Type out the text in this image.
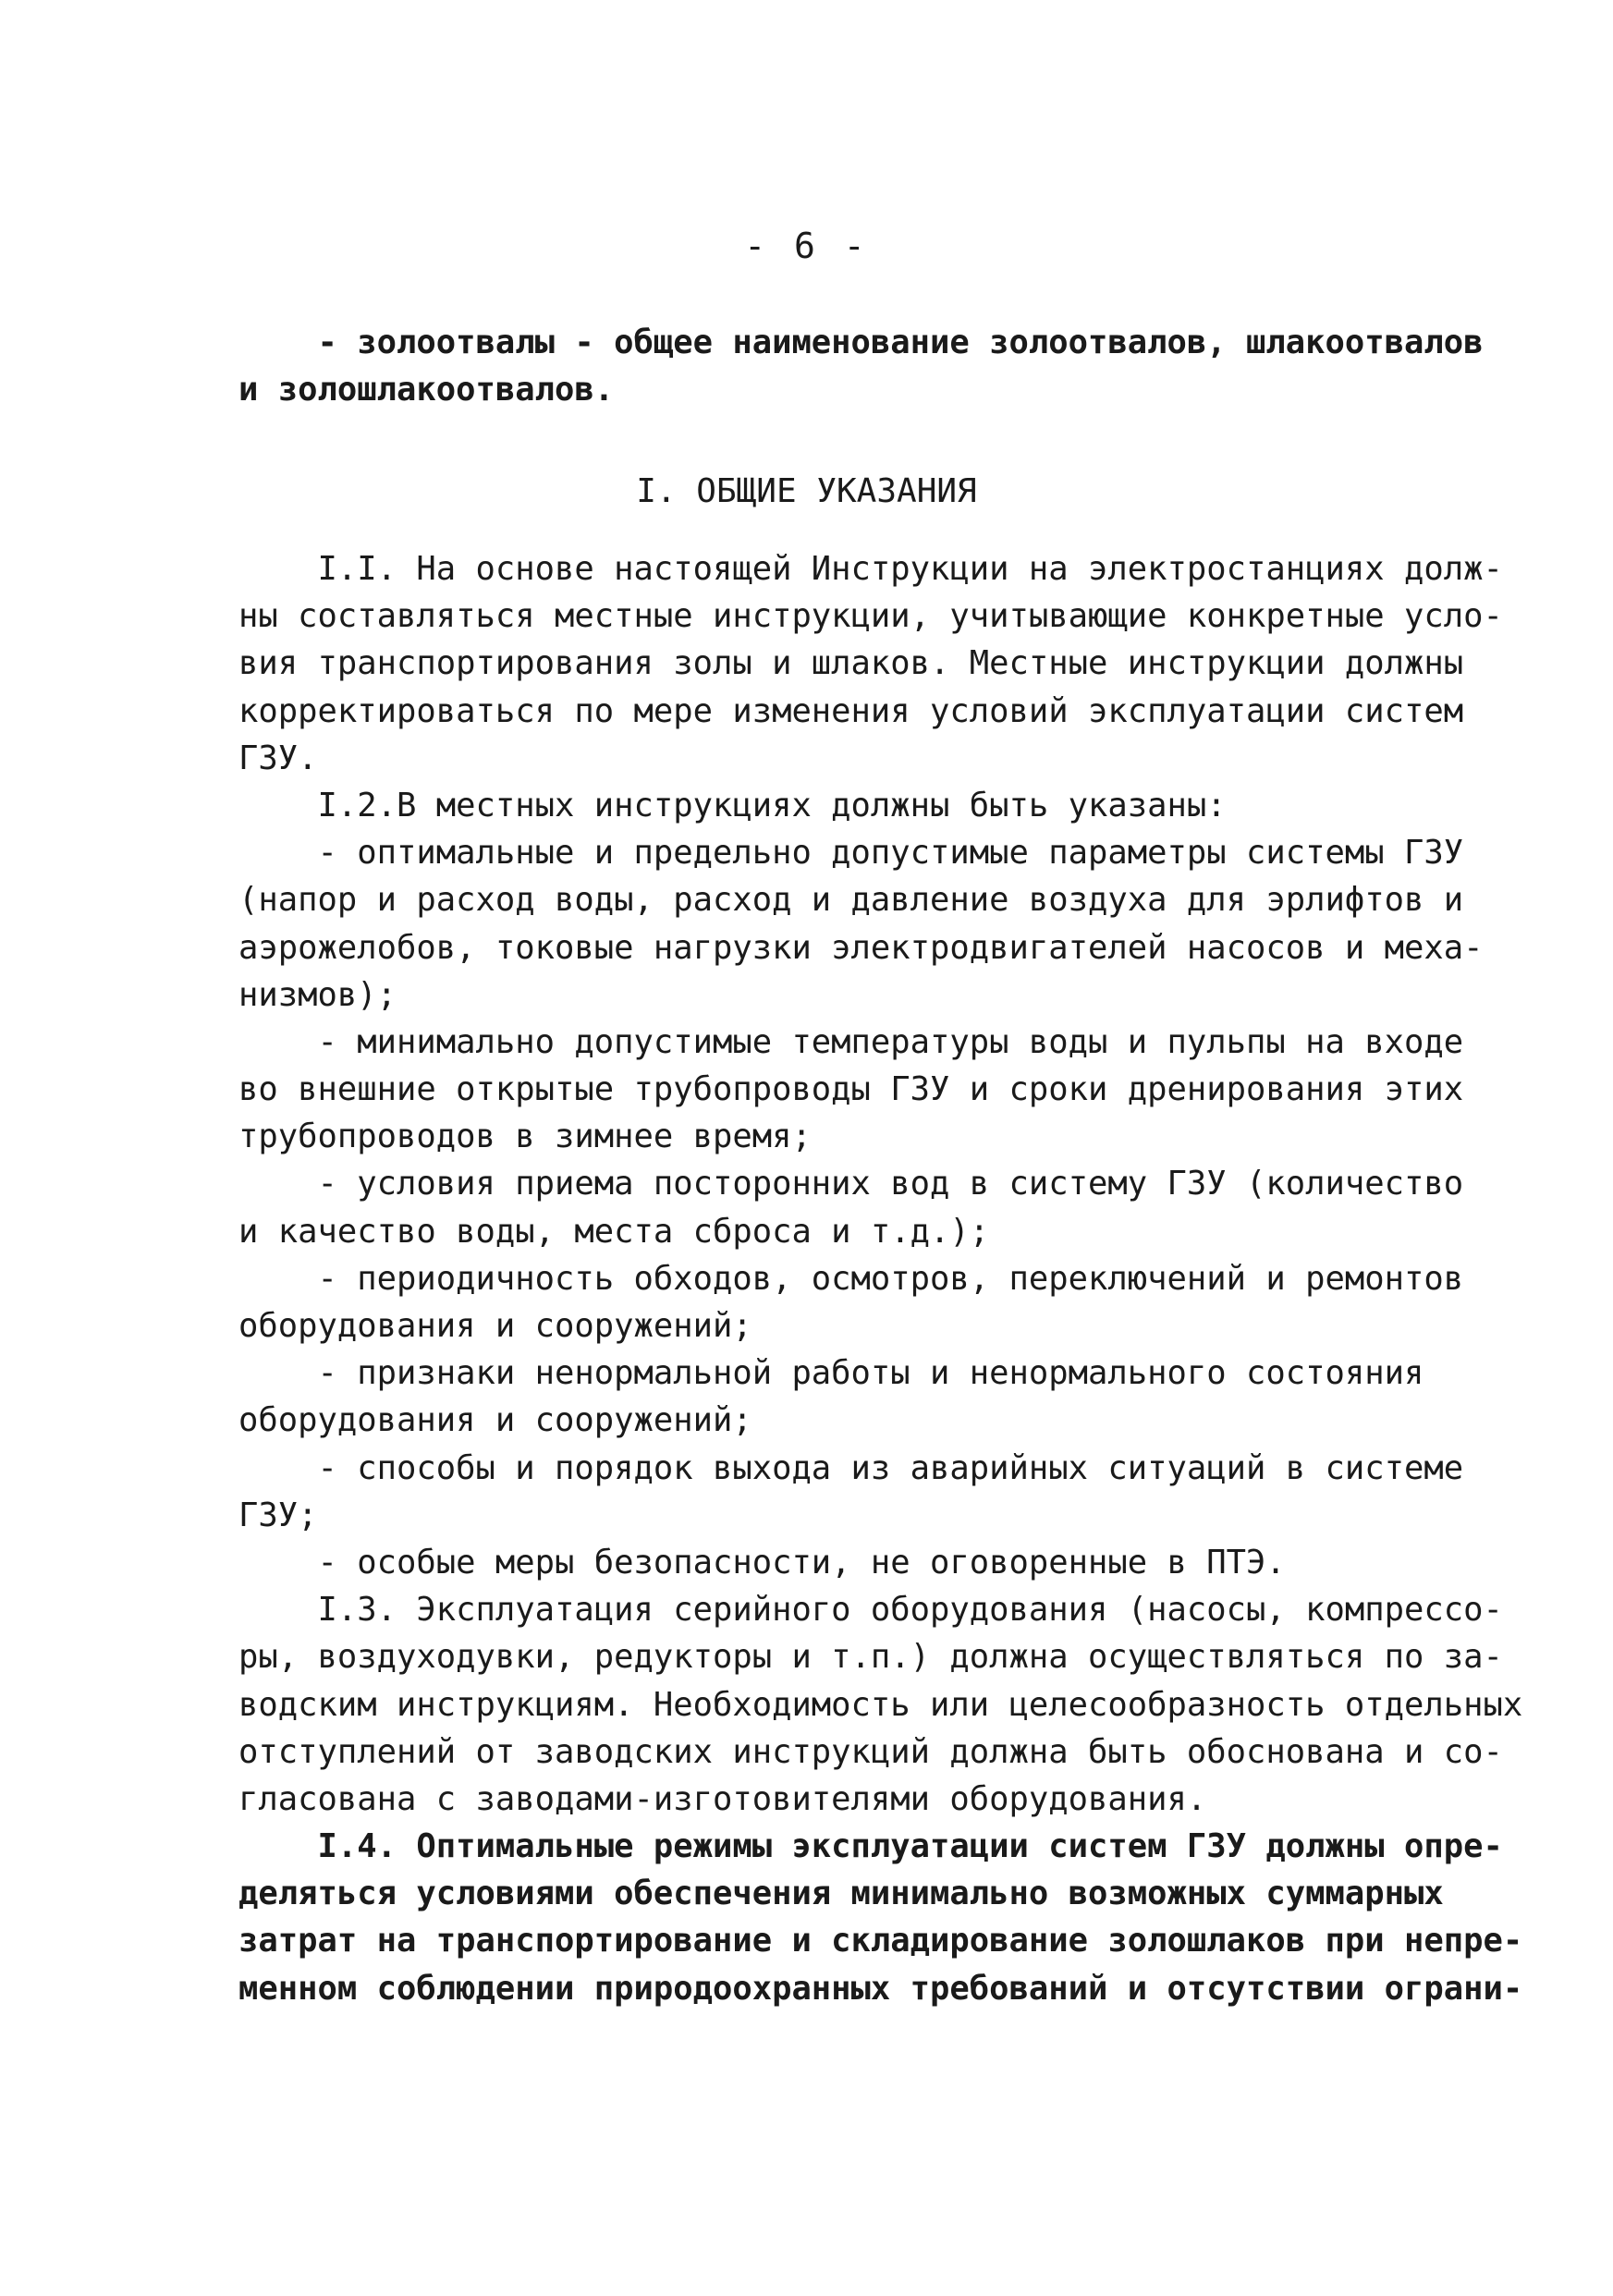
- 6 -
- золоотвалы - общее наименование золоотвалов, шлакоотвалов
и золошлакоотвалов.
I. ОБЩИЕ УКАЗАНИЯ
I.I. На основе настоящей Инструкции на электростанциях долж-
ны составляться местные инструкции, учитывающие конкретные усло-
вия транспортирования золы и шлаков. Местные инструкции должны
корректироваться по мере изменения условий эксплуатации систем
ГЗУ.
I.2.В местных инструкциях должны быть указаны:
- оптимальные и предельно допустимые параметры системы ГЗУ
(напор и расход воды, расход и давление воздуха для эрлифтов и
аэрожелобов, токовые нагрузки электродвигателей насосов и меха-
низмов);
- минимально допустимые температуры воды и пульпы на входе
во внешние открытые трубопроводы ГЗУ и сроки дренирования этих
трубопроводов в зимнее время;
- условия приема посторонних вод в систему ГЗУ (количество
и качество воды, места сброса и т.д.);
- периодичность обходов, осмотров, переключений и ремонтов
оборудования и сооружений;
- признаки ненормальной работы и ненормального состояния
оборудования и сооружений;
- способы и порядок выхода из аварийных ситуаций в системе
ГЗУ;
- особые меры безопасности, не оговоренные в ПТЭ.
I.3. Эксплуатация серийного оборудования (насосы, компрессо-
ры, воздуходувки, редукторы и т.п.) должна осуществляться по за-
водским инструкциям. Необходимость или целесообразность отдельных
отступлений от заводских инструкций должна быть обоснована и со-
гласована с заводами-изготовителями оборудования.
I.4. Оптимальные режимы эксплуатации систем ГЗУ должны опре-
деляться условиями обеспечения минимально возможных суммарных
затрат на транспортирование и складирование золошлаков при непре-
менном соблюдении природоохранных требований и отсутствии ограни-
